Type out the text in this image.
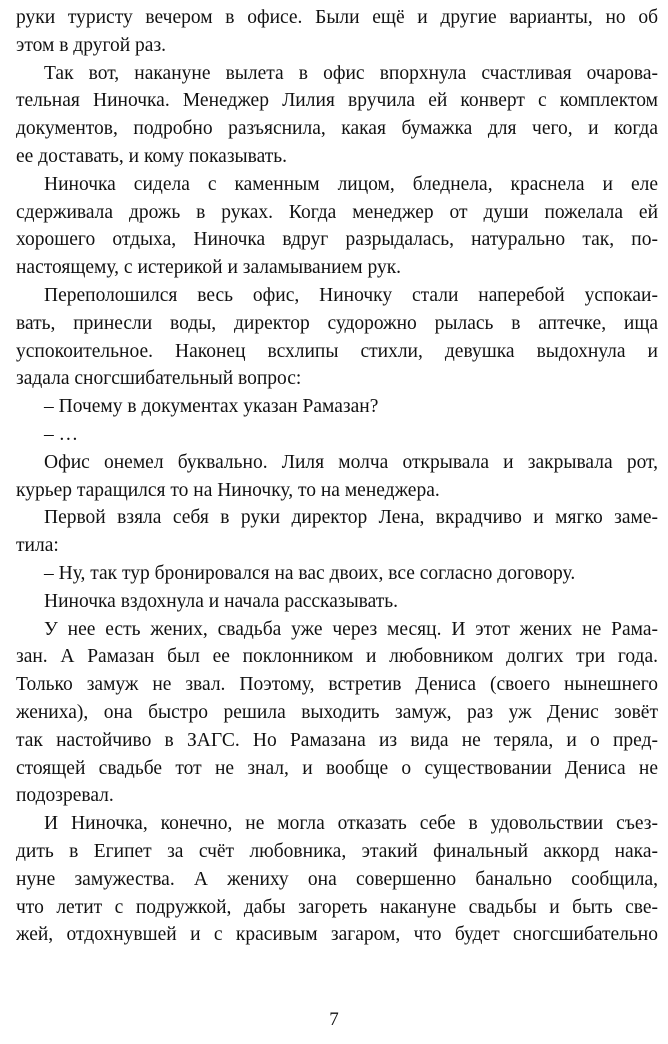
руки туристу вечером в офисе. Были ещё и другие варианты, но об
этом в другой раз.
Так вот, накануне вылета в офис впорхнула счастливая очарова-
тельная Ниночка. Менеджер Лилия вручила ей конверт с комплектом
документов, подробно разъяснила, какая бумажка для чего, и когда
ее доставать, и кому показывать.
Ниночка сидела с каменным лицом, бледнела, краснела и еле
сдерживала дрожь в руках. Когда менеджер от души пожелала ей
хорошего отдыха, Ниночка вдруг разрыдалась, натурально так, по-
настоящему, с истерикой и заламыванием рук.
Переполошился весь офис, Ниночку стали наперебой успокаи-
вать, принесли воды, директор судорожно рылась в аптечке, ища
успокоительное. Наконец всхлипы стихли, девушка выдохнула и
задала сногсшибательный вопрос:
– Почему в документах указан Рамазан?
– …
Офис онемел буквально. Лиля молча открывала и закрывала рот,
курьер таращился то на Ниночку, то на менеджера.
Первой взяла себя в руки директор Лена, вкрадчиво и мягко заме-
тила:
– Ну, так тур бронировался на вас двоих, все согласно договору.
Ниночка вздохнула и начала рассказывать.
У нее есть жених, свадьба уже через месяц. И этот жених не Рама-
зан. А Рамазан был ее поклонником и любовником долгих три года.
Только замуж не звал. Поэтому, встретив Дениса (своего нынешнего
жениха), она быстро решила выходить замуж, раз уж Денис зовёт
так настойчиво в ЗАГС. Но Рамазана из вида не теряла, и о пред-
стоящей свадьбе тот не знал, и вообще о существовании Дениса не
подозревал.
И Ниночка, конечно, не могла отказать себе в удовольствии съез-
дить в Египет за счёт любовника, этакий финальный аккорд нака-
нуне замужества. А жениху она совершенно банально сообщила,
что летит с подружкой, дабы загореть накануне свадьбы и быть све-
жей, отдохнувшей и с красивым загаром, что будет сногсшибательно
7
